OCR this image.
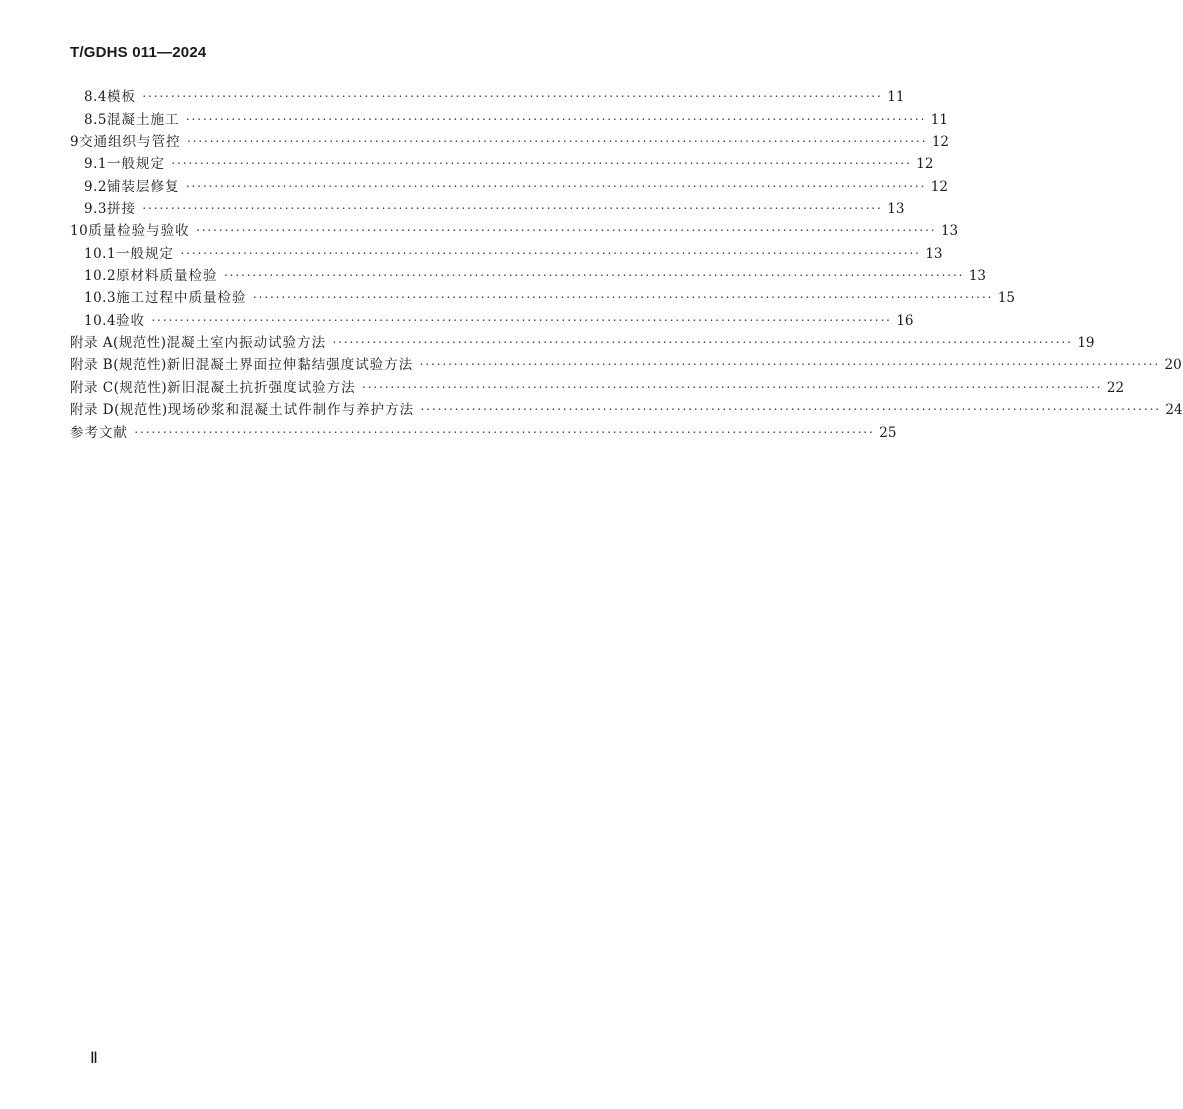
T/GDHS 011—2024
8.4 模板 ·································································································································· 11
8.5 混凝土施工 ·································································································································· 11
9 交通组织与管控 ·································································································································· 12
9.1 一般规定 ·································································································································· 12
9.2 铺装层修复 ·································································································································· 12
9.3 拼接 ·································································································································· 13
10 质量检验与验收 ·································································································································· 13
10.1 一般规定 ·································································································································· 13
10.2 原材料质量检验 ·································································································································· 13
10.3 施工过程中质量检验 ·································································································································· 15
10.4 验收 ·································································································································· 16
附录 A(规范性) 混凝土室内振动试验方法 ·································································································································· 19
附录 B(规范性) 新旧混凝土界面拉伸黏结强度试验方法 ·································································································································· 20
附录 C(规范性) 新旧混凝土抗折强度试验方法 ·································································································································· 22
附录 D(规范性) 现场砂浆和混凝土试件制作与养护方法 ·································································································································· 24
参考文献 ·································································································································· 25
Ⅱ
